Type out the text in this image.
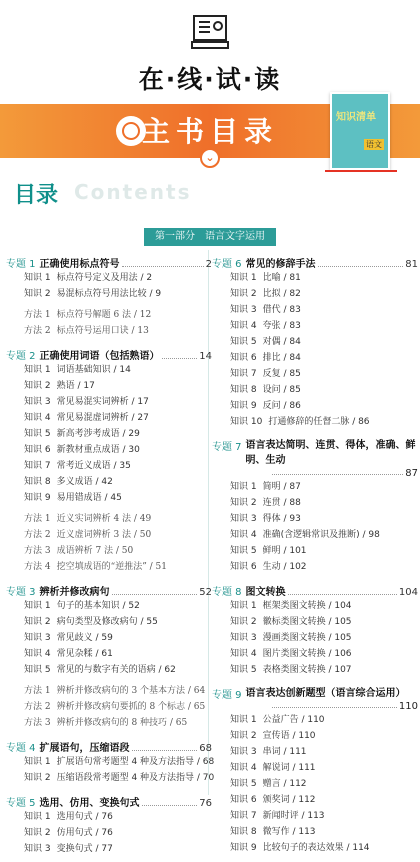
在·线·试·读
主书目录
⌄
知识清单
语文
Contents
目录
第一部分　语言文字运用
专题 1 正确使用标点符号	2
知识 1 标点符号定义及用法 / 2
知识 2 易混标点符号用法比较 / 9
方法 1 标点符号解题 6 法 / 12
方法 2 标点符号运用口诀 / 13
专题 2 正确使用词语（包括熟语）	14
知识 1 词语基础知识 / 14
知识 2 熟语 / 17
知识 3 常见易混实词辨析 / 17
知识 4 常见易混虚词辨析 / 27
知识 5 新高考涉考成语 / 29
知识 6 新教材重点成语 / 30
知识 7 常考近义成语 / 35
知识 8 多义成语 / 42
知识 9 易用错成语 / 45
方法 1 近义实词辨析 4 法 / 49
方法 2 近义虚词辨析 3 法 / 50
方法 3 成语辨析 7 法 / 50
方法 4 挖空填成语的“逆推法” / 51
专题 3 辨析并修改病句	52
知识 1 句子的基本知识 / 52
知识 2 病句类型及修改病句 / 55
知识 3 常见歧义 / 59
知识 4 常见杂糅 / 61
知识 5 常见的与数字有关的语病 / 62
方法 1 辨析并修改病句的 3 个基本方法 / 64
方法 2 辨析并修改病句要抓的 8 个标志 / 65
方法 3 辨析并修改病句的 8 种技巧 / 65
专题 4 扩展语句，压缩语段	68
知识 1 扩展语句常考题型 4 种及方法指导 / 68
知识 2 压缩语段常考题型 4 种及方法指导 / 70
专题 5 选用、仿用、变换句式	76
知识 1 选用句式 / 76
知识 2 仿用句式 / 76
知识 3 变换句式 / 77
专题 6 常见的修辞手法	81
知识 1 比喻 / 81
知识 2 比拟 / 82
知识 3 借代 / 83
知识 4 夸张 / 83
知识 5 对偶 / 84
知识 6 排比 / 84
知识 7 反复 / 85
知识 8 设问 / 85
知识 9 反问 / 86
知识 10 打通修辞的任督二脉 / 86
专题 7 语言表达简明、连贯、得体，准确、鲜明、生动
87
知识 1 简明 / 87
知识 2 连贯 / 88
知识 3 得体 / 93
知识 4 准确(含逻辑常识及推断) / 98
知识 5 鲜明 / 101
知识 6 生动 / 102
专题 8 图文转换	104
知识 1 框架类图文转换 / 104
知识 2 徽标类图文转换 / 105
知识 3 漫画类图文转换 / 105
知识 4 图片类图文转换 / 106
知识 5 表格类图文转换 / 107
专题 9 语言表达创新题型（语言综合运用）
110
知识 1 公益广告 / 110
知识 2 宣传语 / 110
知识 3 串词 / 111
知识 4 解说词 / 111
知识 5 赠言 / 112
知识 6 颁奖词 / 112
知识 7 新闻时评 / 113
知识 8 微写作 / 113
知识 9 比较句子的表达效果 / 114
